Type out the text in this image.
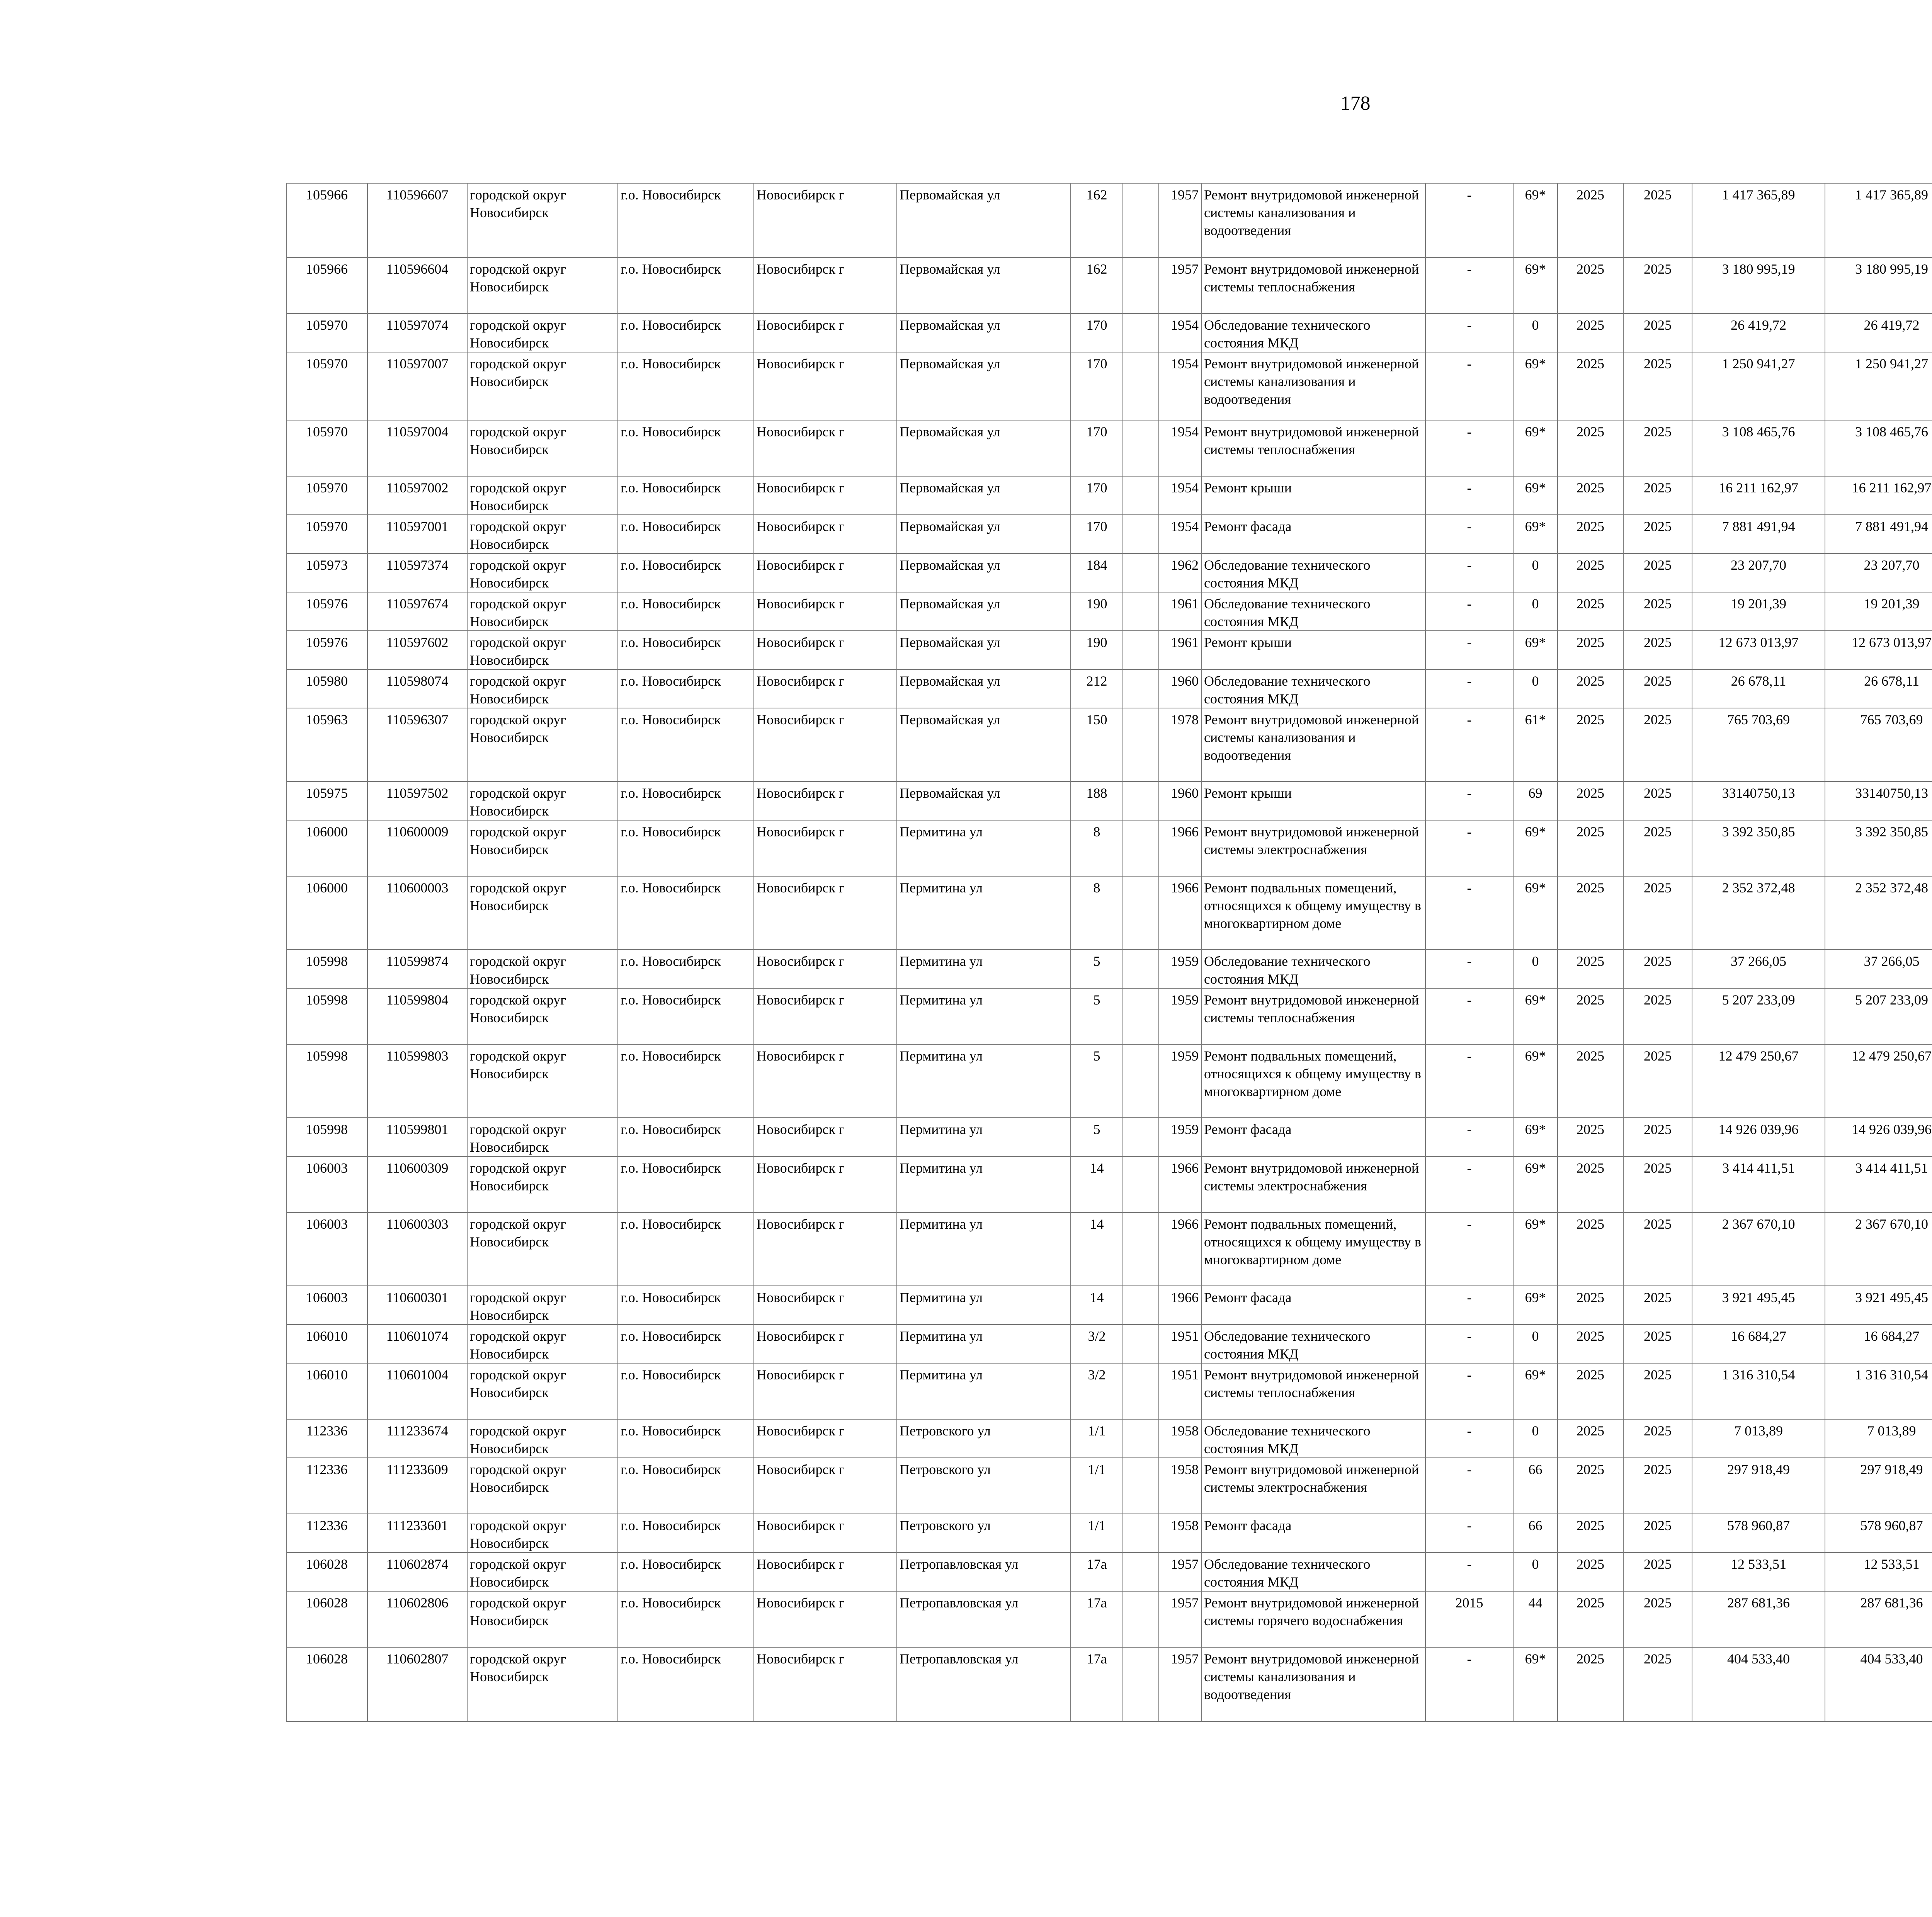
178
105966	110596607	городской округ Новосибирск	г.о. Новосибирск	Новосибирск г	Первомайская ул	162		1957	Ремонт внутридомовой инженерной системы канализования и водоотведения	-	69*	2025	2025	1 417 365,89	1 417 365,89						
105966	110596604	городской округ Новосибирск	г.о. Новосибирск	Новосибирск г	Первомайская ул	162		1957	Ремонт внутридомовой инженерной системы теплоснабжения	-	69*	2025	2025	3 180 995,19	3 180 995,19						
105970	110597074	городской округ Новосибирск	г.о. Новосибирск	Новосибирск г	Первомайская ул	170		1954	Обследование технического состояния МКД	-	0	2025	2025	26 419,72	26 419,72						
105970	110597007	городской округ Новосибирск	г.о. Новосибирск	Новосибирск г	Первомайская ул	170		1954	Ремонт внутридомовой инженерной системы канализования и водоотведения	-	69*	2025	2025	1 250 941,27	1 250 941,27						
105970	110597004	городской округ Новосибирск	г.о. Новосибирск	Новосибирск г	Первомайская ул	170		1954	Ремонт внутридомовой инженерной системы теплоснабжения	-	69*	2025	2025	3 108 465,76	3 108 465,76						
105970	110597002	городской округ Новосибирск	г.о. Новосибирск	Новосибирск г	Первомайская ул	170		1954	Ремонт крыши	-	69*	2025	2025	16 211 162,97	16 211 162,97						
105970	110597001	городской округ Новосибирск	г.о. Новосибирск	Новосибирск г	Первомайская ул	170		1954	Ремонт фасада	-	69*	2025	2025	7 881 491,94	7 881 491,94						
105973	110597374	городской округ Новосибирск	г.о. Новосибирск	Новосибирск г	Первомайская ул	184		1962	Обследование технического состояния МКД	-	0	2025	2025	23 207,70	23 207,70						
105976	110597674	городской округ Новосибирск	г.о. Новосибирск	Новосибирск г	Первомайская ул	190		1961	Обследование технического состояния МКД	-	0	2025	2025	19 201,39	19 201,39						
105976	110597602	городской округ Новосибирск	г.о. Новосибирск	Новосибирск г	Первомайская ул	190		1961	Ремонт крыши	-	69*	2025	2025	12 673 013,97	12 673 013,97						
105980	110598074	городской округ Новосибирск	г.о. Новосибирск	Новосибирск г	Первомайская ул	212		1960	Обследование технического состояния МКД	-	0	2025	2025	26 678,11	26 678,11						
105963	110596307	городской округ Новосибирск	г.о. Новосибирск	Новосибирск г	Первомайская ул	150		1978	Ремонт внутридомовой инженерной системы канализования и водоотведения	-	61*	2025	2025	765 703,69	765 703,69						
105975	110597502	городской округ Новосибирск	г.о. Новосибирск	Новосибирск г	Первомайская ул	188		1960	Ремонт крыши	-	69	2025	2025	33140750,13	33140750,13						
106000	110600009	городской округ Новосибирск	г.о. Новосибирск	Новосибирск г	Пермитина ул	8		1966	Ремонт внутридомовой инженерной системы электроснабжения	-	69*	2025	2025	3 392 350,85	3 392 350,85						
106000	110600003	городской округ Новосибирск	г.о. Новосибирск	Новосибирск г	Пермитина ул	8		1966	Ремонт подвальных помещений, относящихся к общему имуществу в многоквартирном доме	-	69*	2025	2025	2 352 372,48	2 352 372,48						
105998	110599874	городской округ Новосибирск	г.о. Новосибирск	Новосибирск г	Пермитина ул	5		1959	Обследование технического состояния МКД	-	0	2025	2025	37 266,05	37 266,05						
105998	110599804	городской округ Новосибирск	г.о. Новосибирск	Новосибирск г	Пермитина ул	5		1959	Ремонт внутридомовой инженерной системы теплоснабжения	-	69*	2025	2025	5 207 233,09	5 207 233,09						
105998	110599803	городской округ Новосибирск	г.о. Новосибирск	Новосибирск г	Пермитина ул	5		1959	Ремонт подвальных помещений, относящихся к общему имуществу в многоквартирном доме	-	69*	2025	2025	12 479 250,67	12 479 250,67						
105998	110599801	городской округ Новосибирск	г.о. Новосибирск	Новосибирск г	Пермитина ул	5		1959	Ремонт фасада	-	69*	2025	2025	14 926 039,96	14 926 039,96						
106003	110600309	городской округ Новосибирск	г.о. Новосибирск	Новосибирск г	Пермитина ул	14		1966	Ремонт внутридомовой инженерной системы электроснабжения	-	69*	2025	2025	3 414 411,51	3 414 411,51						
106003	110600303	городской округ Новосибирск	г.о. Новосибирск	Новосибирск г	Пермитина ул	14		1966	Ремонт подвальных помещений, относящихся к общему имуществу в многоквартирном доме	-	69*	2025	2025	2 367 670,10	2 367 670,10						
106003	110600301	городской округ Новосибирск	г.о. Новосибирск	Новосибирск г	Пермитина ул	14		1966	Ремонт фасада	-	69*	2025	2025	3 921 495,45	3 921 495,45						
106010	110601074	городской округ Новосибирск	г.о. Новосибирск	Новосибирск г	Пермитина ул	3/2		1951	Обследование технического состояния МКД	-	0	2025	2025	16 684,27	16 684,27						
106010	110601004	городской округ Новосибирск	г.о. Новосибирск	Новосибирск г	Пермитина ул	3/2		1951	Ремонт внутридомовой инженерной системы теплоснабжения	-	69*	2025	2025	1 316 310,54	1 316 310,54						
112336	111233674	городской округ Новосибирск	г.о. Новосибирск	Новосибирск г	Петровского ул	1/1		1958	Обследование технического состояния МКД	-	0	2025	2025	7 013,89	7 013,89						
112336	111233609	городской округ Новосибирск	г.о. Новосибирск	Новосибирск г	Петровского ул	1/1		1958	Ремонт внутридомовой инженерной системы электроснабжения	-	66	2025	2025	297 918,49	297 918,49						
112336	111233601	городской округ Новосибирск	г.о. Новосибирск	Новосибирск г	Петровского ул	1/1		1958	Ремонт фасада	-	66	2025	2025	578 960,87	578 960,87						
106028	110602874	городской округ Новосибирск	г.о. Новосибирск	Новосибирск г	Петропавловская ул	17а		1957	Обследование технического состояния МКД	-	0	2025	2025	12 533,51	12 533,51						
106028	110602806	городской округ Новосибирск	г.о. Новосибирск	Новосибирск г	Петропавловская ул	17а		1957	Ремонт внутридомовой инженерной системы горячего водоснабжения	2015	44	2025	2025	287 681,36	287 681,36						
106028	110602807	городской округ Новосибирск	г.о. Новосибирск	Новосибирск г	Петропавловская ул	17а		1957	Ремонт внутридомовой инженерной системы канализования и водоотведения	-	69*	2025	2025	404 533,40	404 533,40						
